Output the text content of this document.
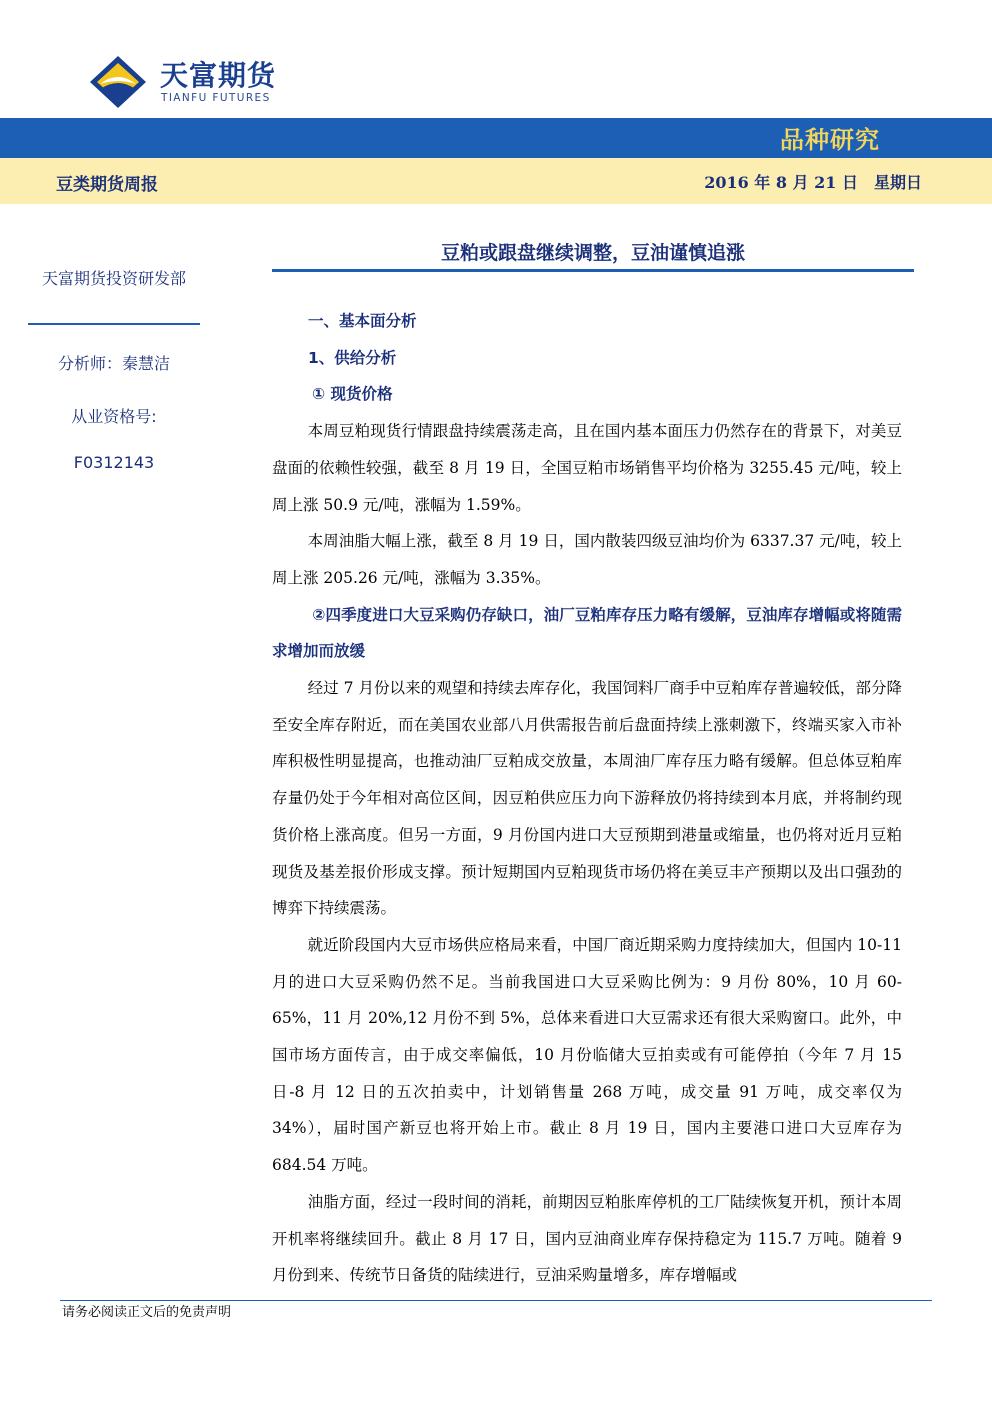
天富期货
TIANFU FUTURES
品种研究
豆类期货周报	2016 年 8 月 21 日 星期日
天富期货投资研发部
分析师：秦慧洁
从业资格号:
F0312143
豆粕或跟盘继续调整，豆油谨慎追涨

一、基本面分析

1、供给分析

① 现货价格

本周豆粕现货行情跟盘持续震荡走高，且在国内基本面压力仍然存在的背景下，对美豆盘面的依赖性较强，截至 8 月 19 日，全国豆粕市场销售平均价格为 3255.45 元/吨，较上周上涨 50.9 元/吨，涨幅为 1.59%。

本周油脂大幅上涨，截至 8 月 19 日，国内散装四级豆油均价为 6337.37 元/吨，较上周上涨 205.26 元/吨，涨幅为 3.35%。

②四季度进口大豆采购仍存缺口，油厂豆粕库存压力略有缓解，豆油库存增幅或将随需求增加而放缓

经过 7 月份以来的观望和持续去库存化，我国饲料厂商手中豆粕库存普遍较低，部分降至安全库存附近，而在美国农业部八月供需报告前后盘面持续上涨刺激下，终端买家入市补库积极性明显提高，也推动油厂豆粕成交放量，本周油厂库存压力略有缓解。但总体豆粕库存量仍处于今年相对高位区间，因豆粕供应压力向下游释放仍将持续到本月底，并将制约现货价格上涨高度。但另一方面，9 月份国内进口大豆预期到港量或缩量，也仍将对近月豆粕现货及基差报价形成支撑。预计短期国内豆粕现货市场仍将在美豆丰产预期以及出口强劲的博弈下持续震荡。

就近阶段国内大豆市场供应格局来看，中国厂商近期采购力度持续加大，但国内 10-11 月的进口大豆采购仍然不足。当前我国进口大豆采购比例为：9 月份 80%，10 月 60-65%，11 月 20%,12 月份不到 5%，总体来看进口大豆需求还有很大采购窗口。此外，中国市场方面传言，由于成交率偏低，10 月份临储大豆拍卖或有可能停拍（今年 7 月 15 日-8 月 12 日的五次拍卖中，计划销售量 268 万吨，成交量 91 万吨，成交率仅为 34%），届时国产新豆也将开始上市。截止 8 月 19 日，国内主要港口进口大豆库存为 684.54 万吨。

油脂方面，经过一段时间的消耗，前期因豆粕胀库停机的工厂陆续恢复开机，预计本周开机率将继续回升。截止 8 月 17 日，国内豆油商业库存保持稳定为 115.7 万吨。随着 9 月份到来、传统节日备货的陆续进行，豆油采购量增多，库存增幅或

请务必阅读正文后的免责声明
